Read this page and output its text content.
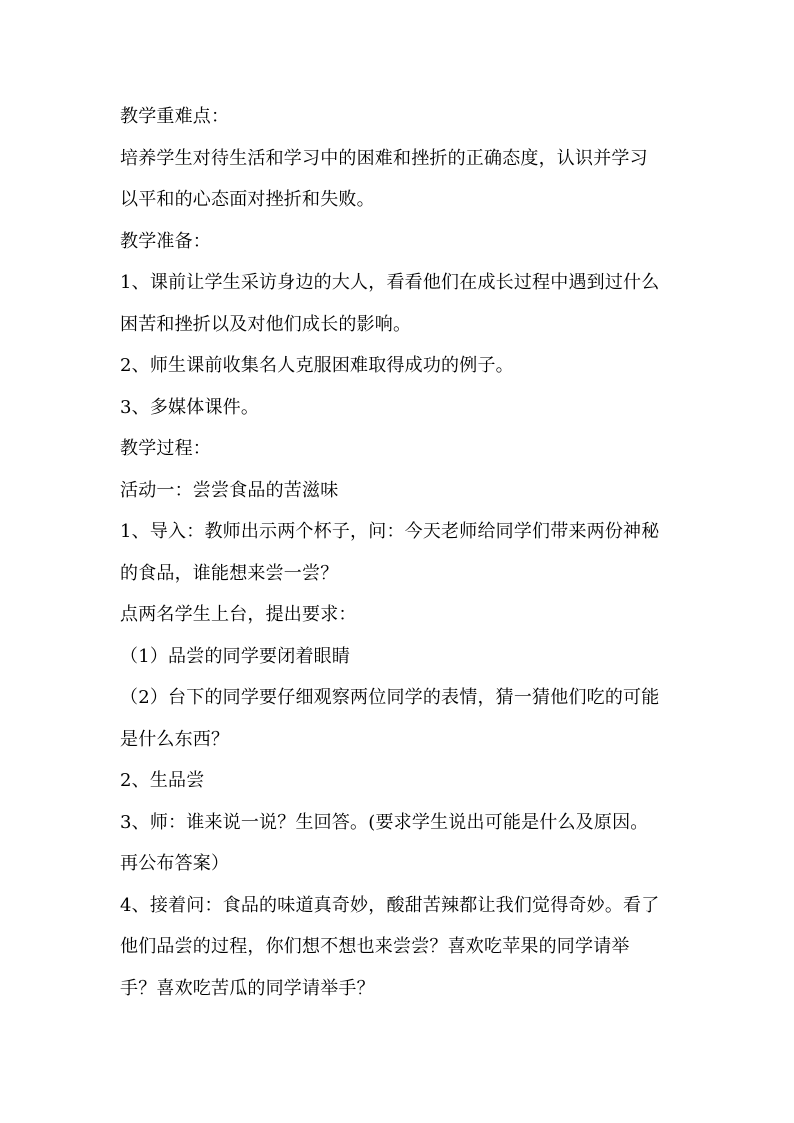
教学重难点：
培养学生对待生活和学习中的困难和挫折的正确态度，认识并学习
以平和的心态面对挫折和失败。
教学准备：
1、课前让学生采访身边的大人，看看他们在成长过程中遇到过什么
困苦和挫折以及对他们成长的影响。
2、师生课前收集名人克服困难取得成功的例子。
3、多媒体课件。
教学过程：
活动一：尝尝食品的苦滋味
1、导入：教师出示两个杯子，问：今天老师给同学们带来两份神秘
的食品，谁能想来尝一尝？
点两名学生上台，提出要求：
（1）品尝的同学要闭着眼睛
（2）台下的同学要仔细观察两位同学的表情，猜一猜他们吃的可能
是什么东西？
2、生品尝
3、师：谁来说一说？生回答。(要求学生说出可能是什么及原因。
再公布答案）
4、接着问：食品的味道真奇妙，酸甜苦辣都让我们觉得奇妙。看了
他们品尝的过程，你们想不想也来尝尝？喜欢吃苹果的同学请举
手？喜欢吃苦瓜的同学请举手？
